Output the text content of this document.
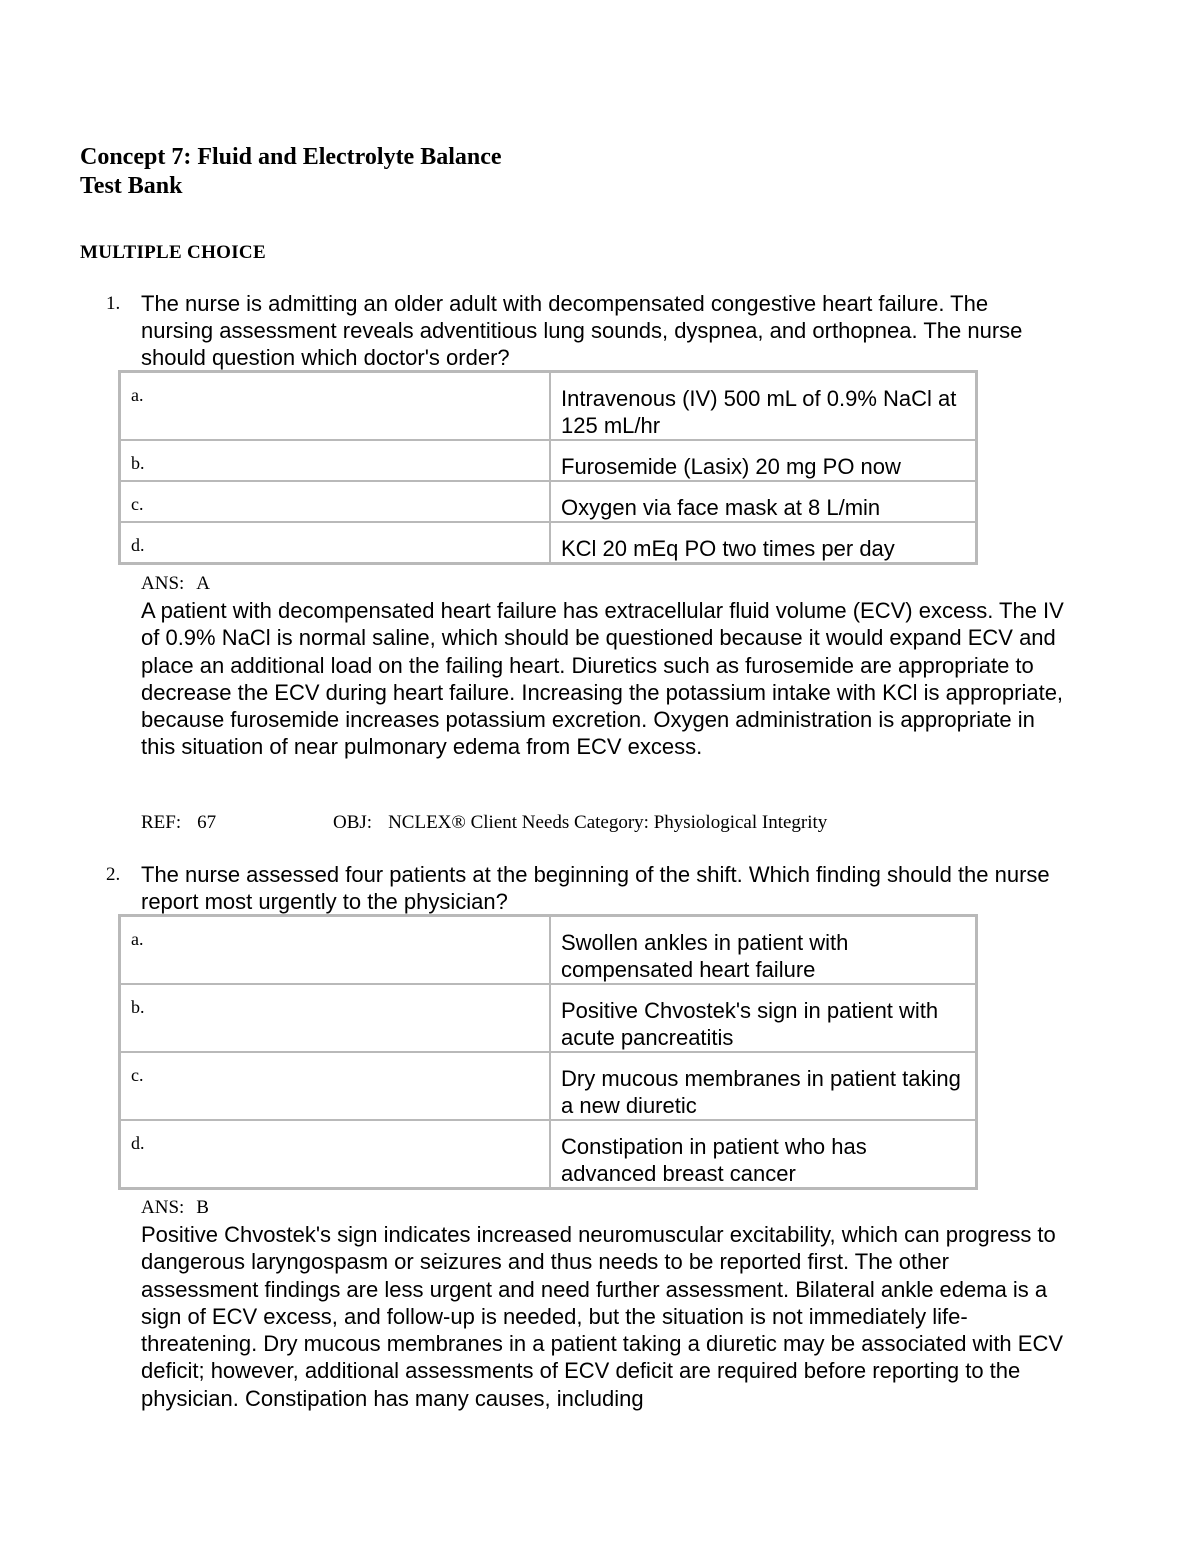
Concept 7: Fluid and Electrolyte Balance
Test Bank
MULTIPLE CHOICE
1. The nurse is admitting an older adult with decompensated congestive heart failure. The nursing assessment reveals adventitious lung sounds, dyspnea, and orthopnea. The nurse should question which doctor's order?
a.	Intravenous (IV) 500 mL of 0.9% NaCl at 125 mL/hr
b.	Furosemide (Lasix) 20 mg PO now
c.	Oxygen via face mask at 8 L/min
d.	KCl 20 mEq PO two times per day
ANS: A
A patient with decompensated heart failure has extracellular fluid volume (ECV) excess. The IV of 0.9% NaCl is normal saline, which should be questioned because it would expand ECV and place an additional load on the failing heart. Diuretics such as furosemide are appropriate to decrease the ECV during heart failure. Increasing the potassium intake with KCl is appropriate, because furosemide increases potassium excretion. Oxygen administration is appropriate in this situation of near pulmonary edema from ECV excess.
REF: 67	OBJ: NCLEX® Client Needs Category: Physiological Integrity
2. The nurse assessed four patients at the beginning of the shift. Which finding should the nurse report most urgently to the physician?
a.	Swollen ankles in patient with compensated heart failure
b.	Positive Chvostek's sign in patient with acute pancreatitis
c.	Dry mucous membranes in patient taking a new diuretic
d.	Constipation in patient who has advanced breast cancer
ANS: B
Positive Chvostek's sign indicates increased neuromuscular excitability, which can progress to dangerous laryngospasm or seizures and thus needs to be reported first. The other assessment findings are less urgent and need further assessment. Bilateral ankle edema is a sign of ECV excess, and follow-up is needed, but the situation is not immediately life-threatening. Dry mucous membranes in a patient taking a diuretic may be associated with ECV deficit; however, additional assessments of ECV deficit are required before reporting to the physician. Constipation has many causes, including
